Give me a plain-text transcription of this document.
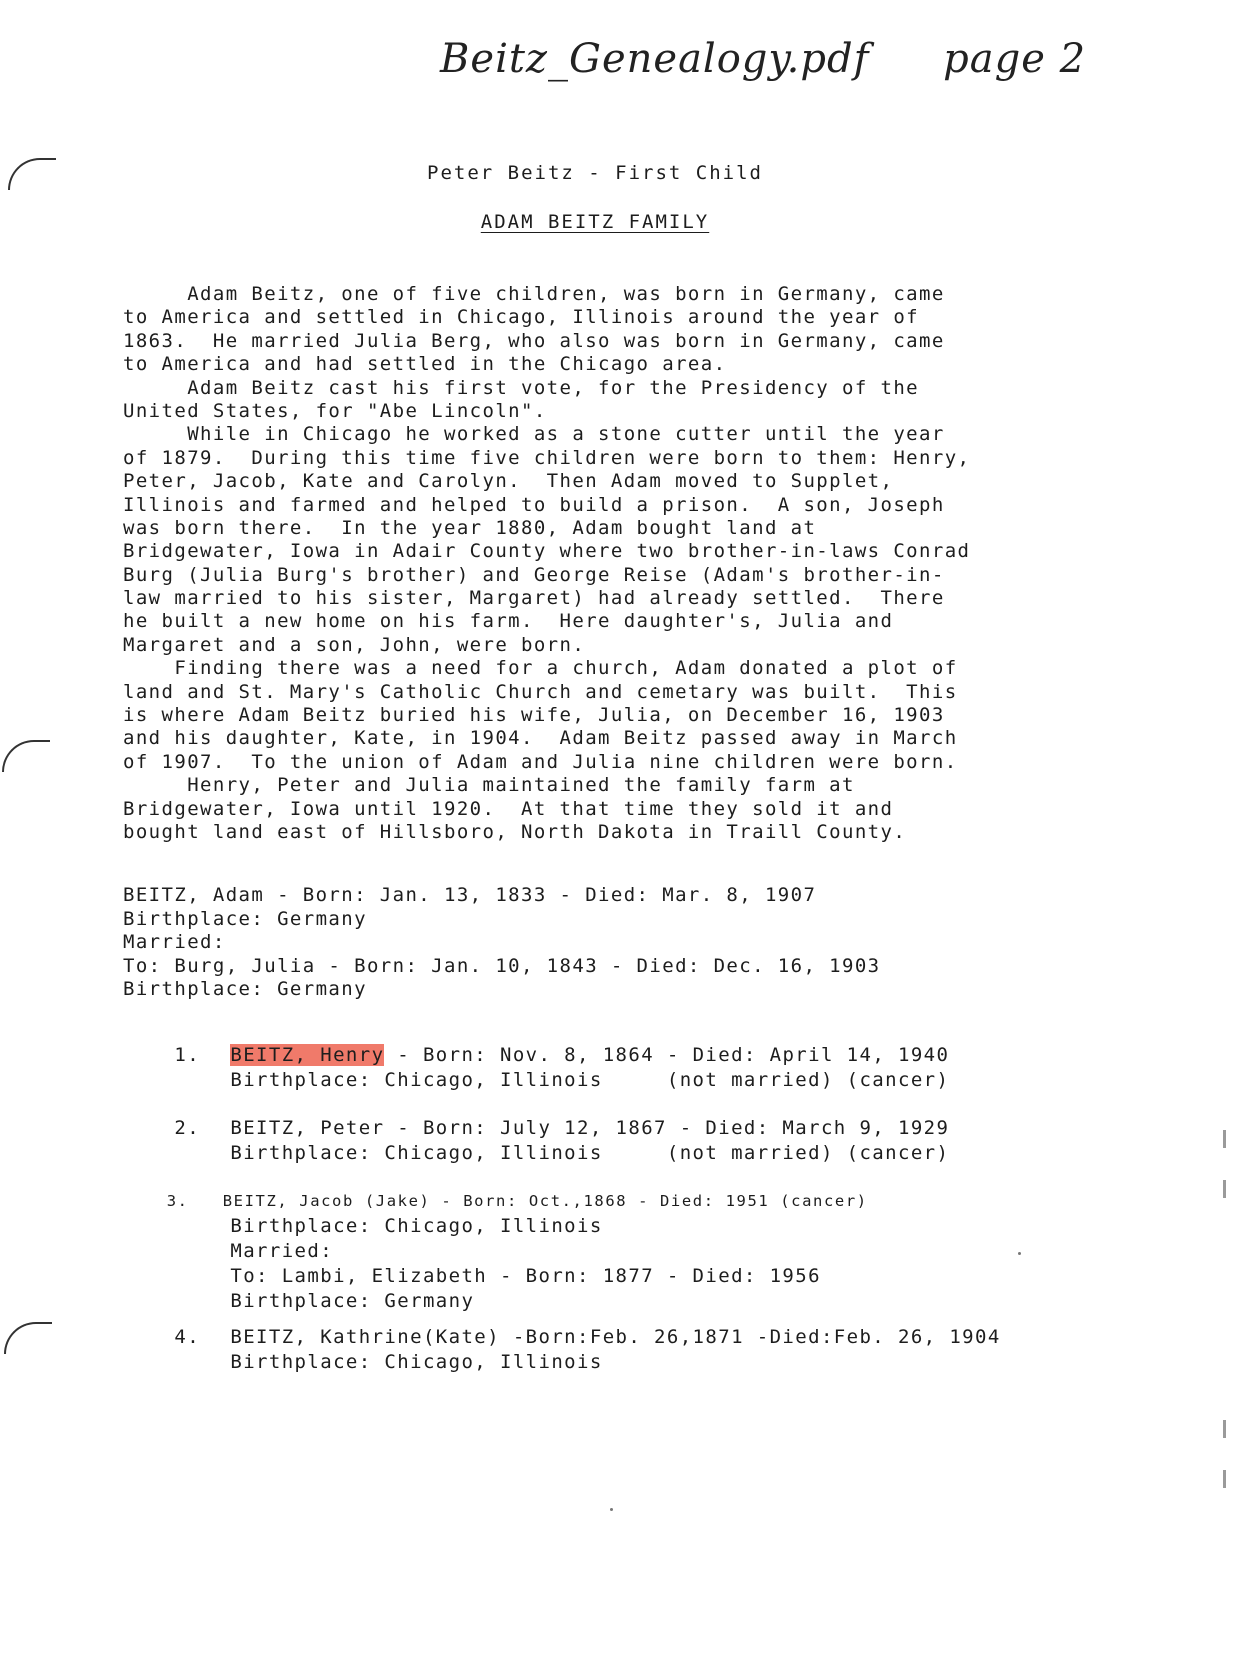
Beitz_Genealogy.pdf page 2
Peter Beitz - First Child
ADAM BEITZ FAMILY
Adam Beitz, one of five children, was born in Germany, came
to America and settled in Chicago, Illinois around the year of
1863.  He married Julia Berg, who also was born in Germany, came
to America and had settled in the Chicago area.
Adam Beitz cast his first vote, for the Presidency of the
United States, for "Abe Lincoln".
While in Chicago he worked as a stone cutter until the year
of 1879.  During this time five children were born to them: Henry,
Peter, Jacob, Kate and Carolyn.  Then Adam moved to Supplet,
Illinois and farmed and helped to build a prison.  A son, Joseph
was born there.  In the year 1880, Adam bought land at
Bridgewater, Iowa in Adair County where two brother-in-laws Conrad
Burg (Julia Burg's brother) and George Reise (Adam's brother-in-
law married to his sister, Margaret) had already settled.  There
he built a new home on his farm.  Here daughter's, Julia and
Margaret and a son, John, were born.
Finding there was a need for a church, Adam donated a plot of
land and St. Mary's Catholic Church and cemetary was built.  This
is where Adam Beitz buried his wife, Julia, on December 16, 1903
and his daughter, Kate, in 1904.  Adam Beitz passed away in March
of 1907.  To the union of Adam and Julia nine children were born.
Henry, Peter and Julia maintained the family farm at
Bridgewater, Iowa until 1920.  At that time they sold it and
bought land east of Hillsboro, North Dakota in Traill County.
BEITZ, Adam - Born: Jan. 13, 1833 - Died: Mar. 8, 1907
Birthplace: Germany
Married:
To: Burg, Julia - Born: Jan. 10, 1843 - Died: Dec. 16, 1903
Birthplace: Germany

1. BEITZ, Henry - Born: Nov. 8, 1864 - Died: April 14, 1940

Birthplace: Chicago, Illinois     (not married) (cancer)

2. BEITZ, Peter - Born: July 12, 1867 - Died: March 9, 1929

Birthplace: Chicago, Illinois     (not married) (cancer)

3. BEITZ, Jacob (Jake) - Born: Oct.,1868 - Died: 1951 (cancer)

Birthplace: Chicago, Illinois

Married:

To: Lambi, Elizabeth - Born: 1877 - Died: 1956

Birthplace: Germany

4. BEITZ, Kathrine(Kate) -Born:Feb. 26,1871 -Died:Feb. 26, 1904

Birthplace: Chicago, Illinois
